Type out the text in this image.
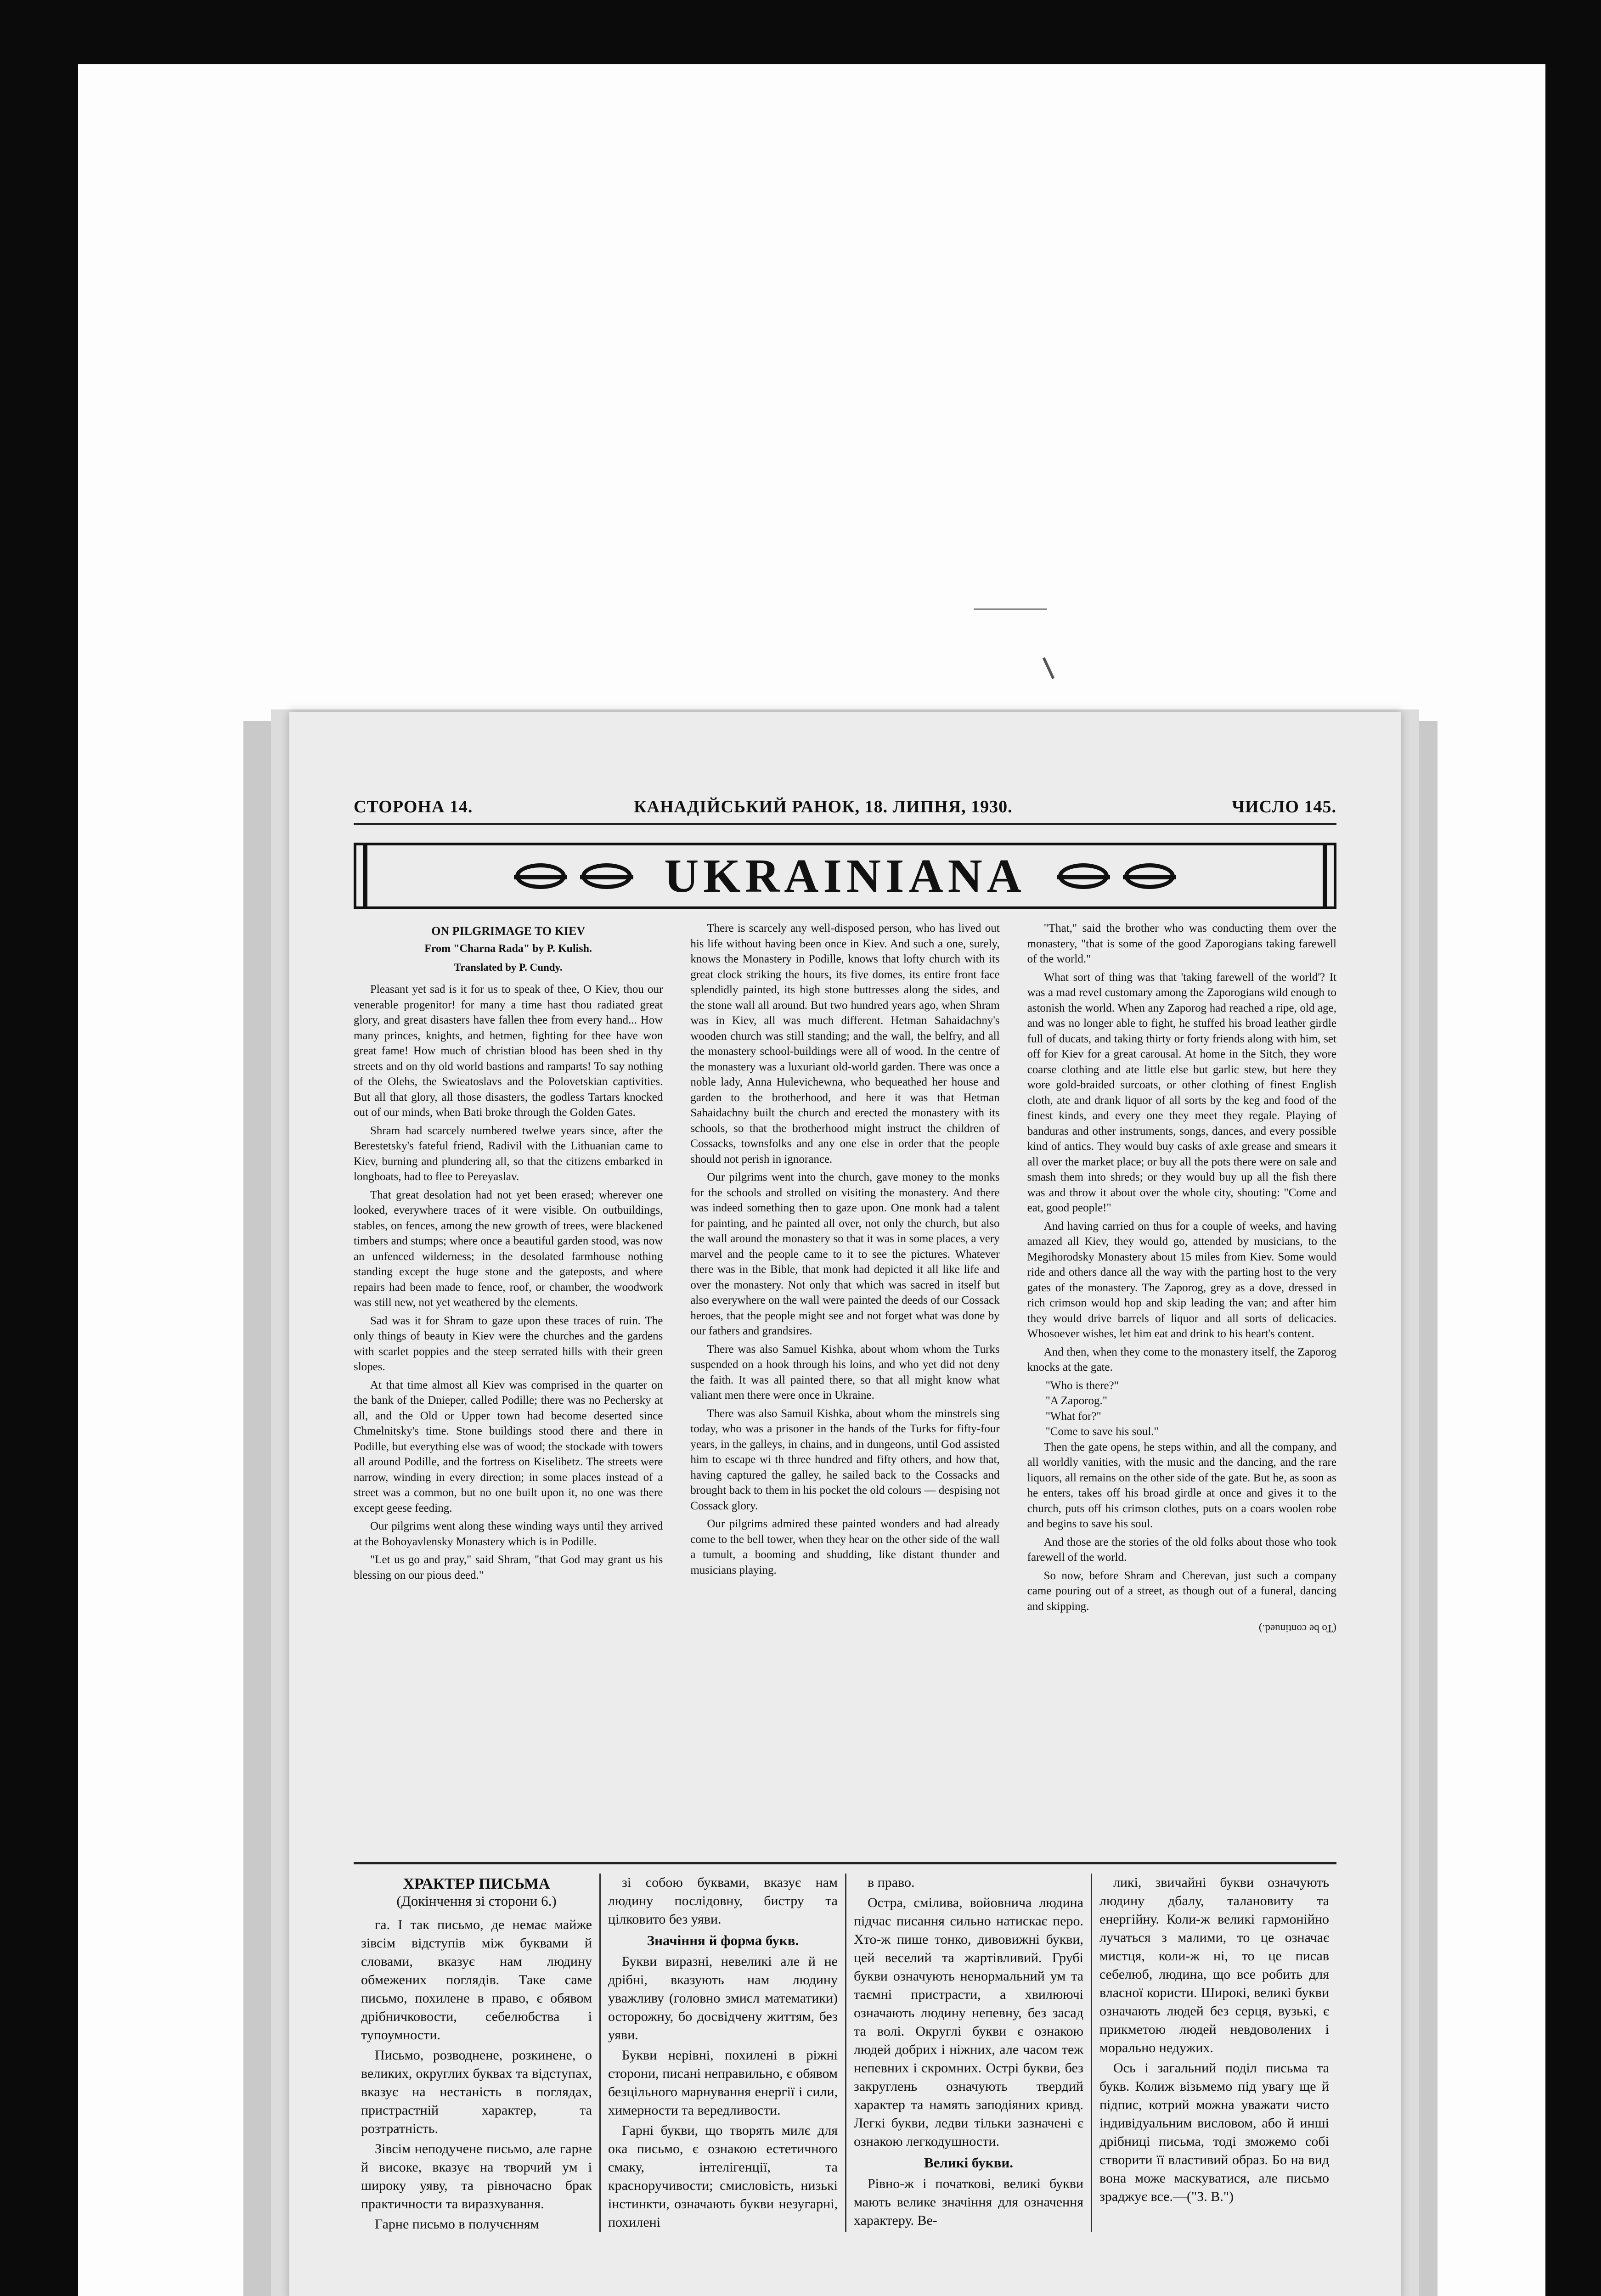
СТОРОНА 14.	КАНАДІЙСЬКИЙ РАНОК, 18. ЛИПНЯ, 1930.	ЧИСЛО 145.
UKRAINIANA
ON PILGRIMAGE TO KIEV
From "Charna Rada" by P. Kulish.
Translated by P. Cundy.

Pleasant yet sad is it for us to speak of thee, O Kiev, thou our venerable progenitor! for many a time hast thou radiated great glory, and great disasters have fallen thee from every hand... How many princes, knights, and hetmen, fighting for thee have won great fame! How much of christian blood has been shed in thy streets and on thy old world bastions and ramparts! To say nothing of the Olehs, the Swieatoslavs and the Polovetskian captivities. But all that glory, all those disasters, the godless Tartars knocked out of our minds, when Bati broke through the Golden Gates.

Shram had scarcely numbered twelwe years since, after the Berestetsky's fateful friend, Radivil with the Lithuanian came to Kiev, burning and plundering all, so that the citizens embarked in longboats, had to flee to Pereyaslav.

That great desolation had not yet been erased; wherever one looked, everywhere traces of it were visible. On outbuildings, stables, on fences, among the new growth of trees, were blackened timbers and stumps; where once a beautiful garden stood, was now an unfenced wilderness; in the desolated farmhouse nothing standing except the huge stone and the gateposts, and where repairs had been made to fence, roof, or chamber, the woodwork was still new, not yet weathered by the elements.

Sad was it for Shram to gaze upon these traces of ruin. The only things of beauty in Kiev were the churches and the gardens with scarlet poppies and the steep serrated hills with their green slopes.

At that time almost all Kiev was comprised in the quarter on the bank of the Dnieper, called Podille; there was no Pechersky at all, and the Old or Upper town had become deserted since Chmelnitsky's time. Stone buildings stood there and there in Podille, but everything else was of wood; the stockade with towers all around Podille, and the fortress on Kiselibetz. The streets were narrow, winding in every direction; in some places instead of a street was a common, but no one built upon it, no one was there except geese feeding.

Our pilgrims went along these winding ways until they arrived at the Bohoyavlensky Monastery which is in Podille.

"Let us go and pray," said Shram, "that God may grant us his blessing on our pious deed."

There is scarcely any well-disposed person, who has lived out his life without having been once in Kiev. And such a one, surely, knows the Monastery in Podille, knows that lofty church with its great clock striking the hours, its five domes, its entire front face splendidly painted, its high stone buttresses along the sides, and the stone wall all around. But two hundred years ago, when Shram was in Kiev, all was much different. Hetman Sahaidachny's wooden church was still standing; and the wall, the belfry, and all the monastery school-buildings were all of wood. In the centre of the monastery was a luxuriant old-world garden. There was once a noble lady, Anna Hulevichewna, who bequeathed her house and garden to the brotherhood, and here it was that Hetman Sahaidachny built the church and erected the monastery with its schools, so that the brotherhood might instruct the children of Cossacks, townsfolks and any one else in order that the people should not perish in ignorance.

Our pilgrims went into the church, gave money to the monks for the schools and strolled on visiting the monastery. And there was indeed something then to gaze upon. One monk had a talent for painting, and he painted all over, not only the church, but also the wall around the monastery so that it was in some places, a very marvel and the people came to it to see the pictures. Whatever there was in the Bible, that monk had depicted it all like life and over the monastery. Not only that which was sacred in itself but also everywhere on the wall were painted the deeds of our Cossack heroes, that the people might see and not forget what was done by our fathers and grandsires.

There was also Samuel Kishka, about whom whom the Turks suspended on a hook through his loins, and who yet did not deny the faith. It was all painted there, so that all might know what valiant men there were once in Ukraine.

There was also Samuil Kishka, about whom the minstrels sing today, who was a prisoner in the hands of the Turks for fifty-four years, in the galleys, in chains, and in dungeons, until God assisted him to escape wi th three hundred and fifty others, and how that, having captured the galley, he sailed back to the Cossacks and brought back to them in his pocket the old colours — despising not Cossack glory.

Our pilgrims admired these painted wonders and had already come to the bell tower, when they hear on the other side of the wall a tumult, a booming and shudding, like distant thunder and musicians playing.

"That," said the brother who was conducting them over the monastery, "that is some of the good Zaporogians taking farewell of the world."

What sort of thing was that 'taking farewell of the world'? It was a mad revel customary among the Zaporogians wild enough to astonish the world. When any Zaporog had reached a ripe, old age, and was no longer able to fight, he stuffed his broad leather girdle full of ducats, and taking thirty or forty friends along with him, set off for Kiev for a great carousal. At home in the Sitch, they wore coarse clothing and ate little else but garlic stew, but here they wore gold-braided surcoats, or other clothing of finest English cloth, ate and drank liquor of all sorts by the keg and food of the finest kinds, and every one they meet they regale. Playing of banduras and other instruments, songs, dances, and every possible kind of antics. They would buy casks of axle grease and smears it all over the market place; or buy all the pots there were on sale and smash them into shreds; or they would buy up all the fish there was and throw it about over the whole city, shouting: "Come and eat, good people!"

And having carried on thus for a couple of weeks, and having amazed all Kiev, they would go, attended by musicians, to the Megihorodsky Monastery about 15 miles from Kiev. Some would ride and others dance all the way with the parting host to the very gates of the monastery. The Zaporog, grey as a dove, dressed in rich crimson would hop and skip leading the van; and after him they would drive barrels of liquor and all sorts of delicacies. Whosoever wishes, let him eat and drink to his heart's content.

And then, when they come to the monastery itself, the Zaporog knocks at the gate.

"Who is there?"

"A Zaporog."

"What for?"

"Come to save his soul."

Then the gate opens, he steps within, and all the company, and all worldly vanities, with the music and the dancing, and the rare liquors, all remains on the other side of the gate. But he, as soon as he enters, takes off his broad girdle at once and gives it to the church, puts off his crimson clothes, puts on a coars woolen robe and begins to save his soul.

And those are the stories of the old folks about those who took farewell of the world.

So now, before Shram and Cherevan, just such a company came pouring out of a street, as though out of a funeral, dancing and skipping.

(To be continued.)
ХРАКТЕР ПИСЬМА
(Докінчення зі сторони 6.)

га. І так письмо, де немає майже зівсім відступів між буквами й словами, вказує нам людину обмежених поглядів. Таке саме письмо, похилене в право, є обявом дрібничковости, себелюбства і тупоумности.

Письмо, розводнене, розкинене, о великих, округлих буквах та відступах, вказує на нестаність в поглядах, пристрастній характер, та розтратність.

Зівсім неподучене письмо, але гарне й високе, вказує на творчий ум і широку уяву, та рівночасно брак практичности та виразхування.

Гарне письмо в получєнням

зі собою буквами, вказує нам людину послідовну, бистру та цілковито без уяви.

Значіння й форма букв.

Букви виразні, невеликі але й не дрібні, вказують нам людину уважливу (головно змисл математики) осторожну, бо досвідчену життям, без уяви.

Букви нерівні, похилені в ріжні сторони, писані неправильно, є обявом безцільного марнування енергії і сили, химерности та вередливости.

Гарні букви, що творять милє для ока письмо, є ознакою естетичного смаку, інтелігенції, та красноручивости; смисловість, низькі інстинкти, означають букви незугарні, похилені

в право.

Остра, смілива, войовнича людина підчас писання сильно натискає перо. Хто-ж пише тонко, дивовижні букви, цей веселий та жартівливий. Грубі букви означують ненормальний ум та таємні пристрасти, а хвилюючі означають людину непевну, без засад та волі. Округлі букви є ознакою людей добрих і ніжних, але часом теж непевних і скромних. Острі букви, без закруглень означують твердий характер та намять заподіяних кривд. Легкі букви, ледви тільки зазначені є ознакою легкодушности.

Великі букви.

Рівно-ж і початкові, великі букви мають велике значіння для означення характеру. Ве-

ликі, звичайні букви означують людину дбалу, талановиту та енергійну. Коли-ж великі гармонійно лучаться з малими, то це означає мистця, коли-ж ні, то це писав себелюб, людина, що все робить для власної користи. Широкі, великі букви означають людей без серця, вузькі, є прикметою людей невдоволених і морально недужих.

Ось і загальний поділ письма та букв. Колиж візьмемо під увагу ще й підпис, котрий можна уважати чисто індивідуальним висловом, або й инші дрібниці письма, тоді зможемо собі створити її властивий образ. Бо на вид вона може маскуватися, але письмо зраджує все.—("З. В.")
